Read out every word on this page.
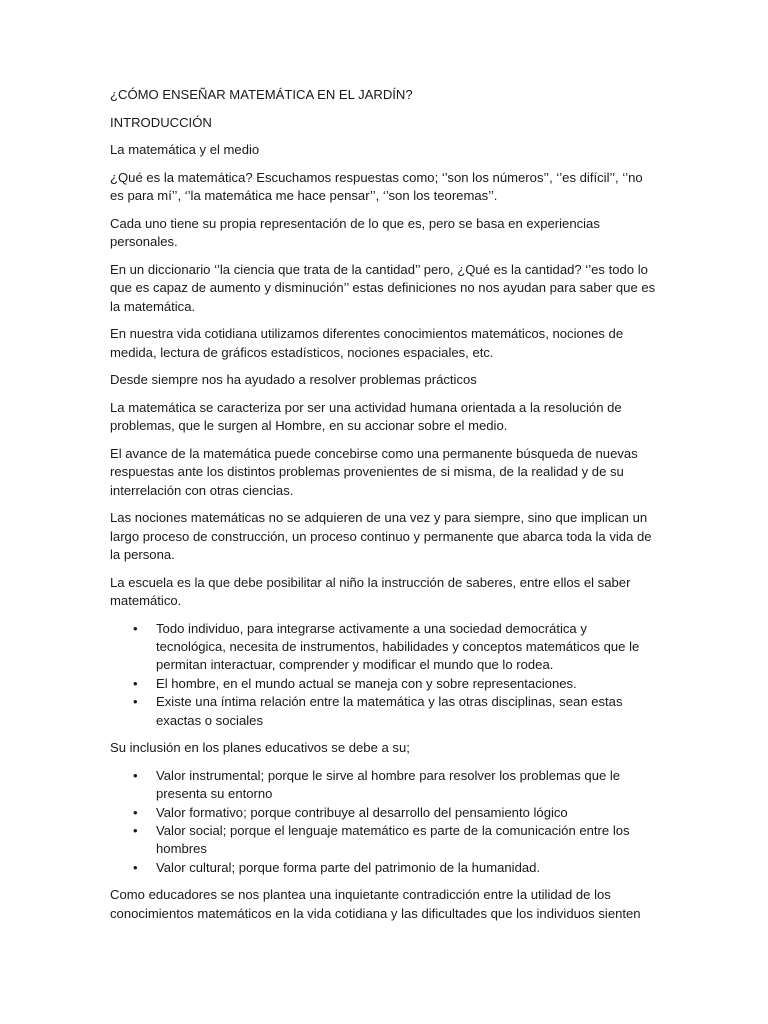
¿CÓMO ENSEÑAR MATEMÁTICA EN EL JARDÍN?

INTRODUCCIÓN

La matemática y el medio

¿Qué es la matemática? Escuchamos respuestas como; ‘’son los números’’, ‘’es difícil’’, ‘’no es para mí’’, ‘’la matemática me hace pensar’’, ‘’son los teoremas’’.

Cada uno tiene su propia representación de lo que es, pero se basa en experiencias personales.

En un diccionario ‘’la ciencia que trata de la cantidad’’ pero, ¿Qué es la cantidad? ‘’es todo lo que es capaz de aumento y disminución’’ estas definiciones no nos ayudan para saber que es la matemática.

En nuestra vida cotidiana utilizamos diferentes conocimientos matemáticos, nociones de medida, lectura de gráficos estadísticos, nociones espaciales, etc.

Desde siempre nos ha ayudado a resolver problemas prácticos

La matemática se caracteriza por ser una actividad humana orientada a la resolución de problemas, que le surgen al Hombre, en su accionar sobre el medio.

El avance de la matemática puede concebirse como una permanente búsqueda de nuevas respuestas ante los distintos problemas provenientes de si misma, de la realidad y de su interrelación con otras ciencias.

Las nociones matemáticas no se adquieren de una vez y para siempre, sino que implican un largo proceso de construcción, un proceso continuo y permanente que abarca toda la vida de la persona.

La escuela es la que debe posibilitar al niño la instrucción de saberes, entre ellos el saber matemático.

• Todo individuo, para integrarse activamente a una sociedad democrática y tecnológica, necesita de instrumentos, habilidades y conceptos matemáticos que le permitan interactuar, comprender y modificar el mundo que lo rodea.
• El hombre, en el mundo actual se maneja con y sobre representaciones.
• Existe una íntima relación entre la matemática y las otras disciplinas, sean estas exactas o sociales

Su inclusión en los planes educativos se debe a su;

• Valor instrumental; porque le sirve al hombre para resolver los problemas que le presenta su entorno
• Valor formativo; porque contribuye al desarrollo del pensamiento lógico
• Valor social; porque el lenguaje matemático es parte de la comunicación entre los hombres
• Valor cultural; porque forma parte del patrimonio de la humanidad.

Como educadores se nos plantea una inquietante contradicción entre la utilidad de los conocimientos matemáticos en la vida cotidiana y las dificultades que los individuos sienten
